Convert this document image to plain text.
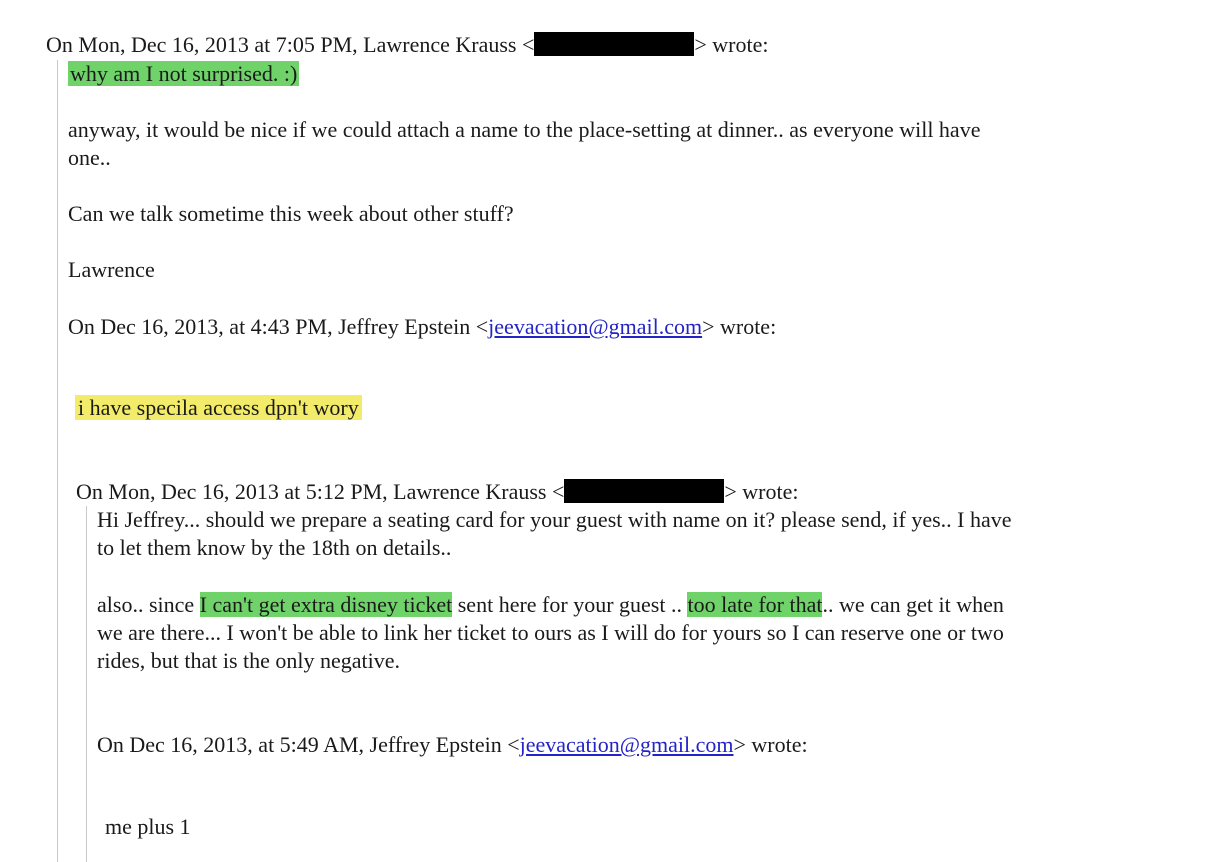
On Mon, Dec 16, 2013 at 7:05 PM, Lawrence Krauss <	> wrote:
why am I not surprised. :)
anyway, it would be nice if we could attach a name to the place-setting at dinner.. as everyone will have
one..
Can we talk sometime this week about other stuff?
Lawrence
On Dec 16, 2013, at 4:43 PM, Jeffrey Epstein <jeevacation@gmail.com> wrote:
i have specila access dpn't wory
On Mon, Dec 16, 2013 at 5:12 PM, Lawrence Krauss <	> wrote:
Hi Jeffrey... should we prepare a seating card for your guest with name on it? please send, if yes.. I have
to let them know by the 18th on details..
also.. since I can't get extra disney ticket sent here for your guest .. too late for that.. we can get it when
we are there... I won't be able to link her ticket to ours as I will do for yours so I can reserve one or two
rides, but that is the only negative.
On Dec 16, 2013, at 5:49 AM, Jeffrey Epstein <jeevacation@gmail.com> wrote:
me plus 1
